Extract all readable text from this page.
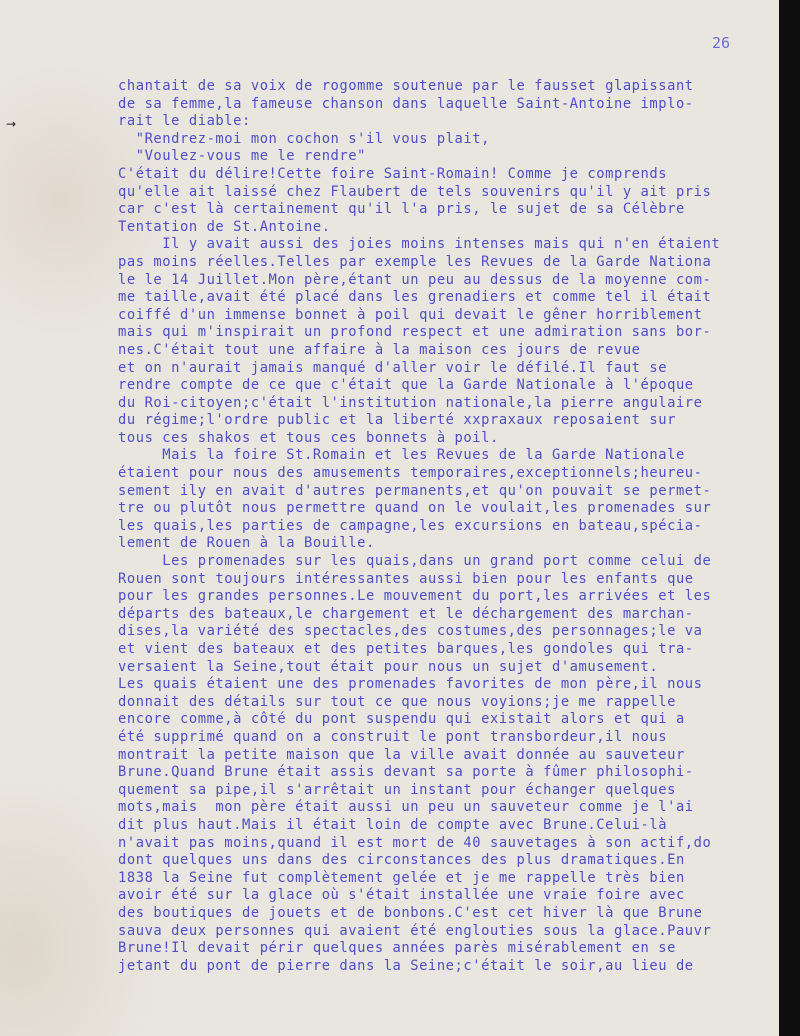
→
26
chantait de sa voix de rogomme soutenue par le fausset glapissant
de sa femme,la fameuse chanson dans laquelle Saint-Antoine implo-
rait le diable:
"Rendrez-moi mon cochon s'il vous plait,
"Voulez-vous me le rendre"
C'était du délire!Cette foire Saint-Romain! Comme je comprends
qu'elle ait laissé chez Flaubert de tels souvenirs qu'il y ait pris
car c'est là certainement qu'il l'a pris, le sujet de sa Célèbre
Tentation de St.Antoine.
Il y avait aussi des joies moins intenses mais qui n'en étaient
pas moins réelles.Telles par exemple les Revues de la Garde Nationa
le le 14 Juillet.Mon père,étant un peu au dessus de la moyenne com-
me taille,avait été placé dans les grenadiers et comme tel il était
coiffé d'un immense bonnet à poil qui devait le gêner horriblement
mais qui m'inspirait un profond respect et une admiration sans bor-
nes.C'était tout une affaire à la maison ces jours de revue
et on n'aurait jamais manqué d'aller voir le défilé.Il faut se
rendre compte de ce que c'était que la Garde Nationale à l'époque
du Roi-citoyen;c'était l'institution nationale,la pierre angulaire
du régime;l'ordre public et la liberté xxpraxaux reposaient sur
tous ces shakos et tous ces bonnets à poil.
Mais la foire St.Romain et les Revues de la Garde Nationale
étaient pour nous des amusements temporaires,exceptionnels;heureu-
sement ily en avait d'autres permanents,et qu'on pouvait se permet-
tre ou plutôt nous permettre quand on le voulait,les promenades sur
les quais,les parties de campagne,les excursions en bateau,spécia-
lement de Rouen à la Bouille.
Les promenades sur les quais,dans un grand port comme celui de
Rouen sont toujours intéressantes aussi bien pour les enfants que
pour les grandes personnes.Le mouvement du port,les arrivées et les
départs des bateaux,le chargement et le déchargement des marchan-
dises,la variété des spectacles,des costumes,des personnages;le va
et vient des bateaux et des petites barques,les gondoles qui tra-
versaient la Seine,tout était pour nous un sujet d'amusement.
Les quais étaient une des promenades favorites de mon père,il nous
donnait des détails sur tout ce que nous voyions;je me rappelle
encore comme,à côté du pont suspendu qui existait alors et qui a
été supprimé quand on a construit le pont transbordeur,il nous
montrait la petite maison que la ville avait donnée au sauveteur
Brune.Quand Brune était assis devant sa porte à fûmer philosophi-
quement sa pipe,il s'arrêtait un instant pour échanger quelques
mots,mais  mon père était aussi un peu un sauveteur comme je l'ai
dit plus haut.Mais il était loin de compte avec Brune.Celui-là
n'avait pas moins,quand il est mort de 40 sauvetages à son actif,do
dont quelques uns dans des circonstances des plus dramatiques.En
1838 la Seine fut complètement gelée et je me rappelle très bien
avoir été sur la glace où s'était installée une vraie foire avec
des boutiques de jouets et de bonbons.C'est cet hiver là que Brune
sauva deux personnes qui avaient été englouties sous la glace.Pauvr
Brune!Il devait périr quelques années parès misérablement en se
jetant du pont de pierre dans la Seine;c'était le soir,au lieu de
